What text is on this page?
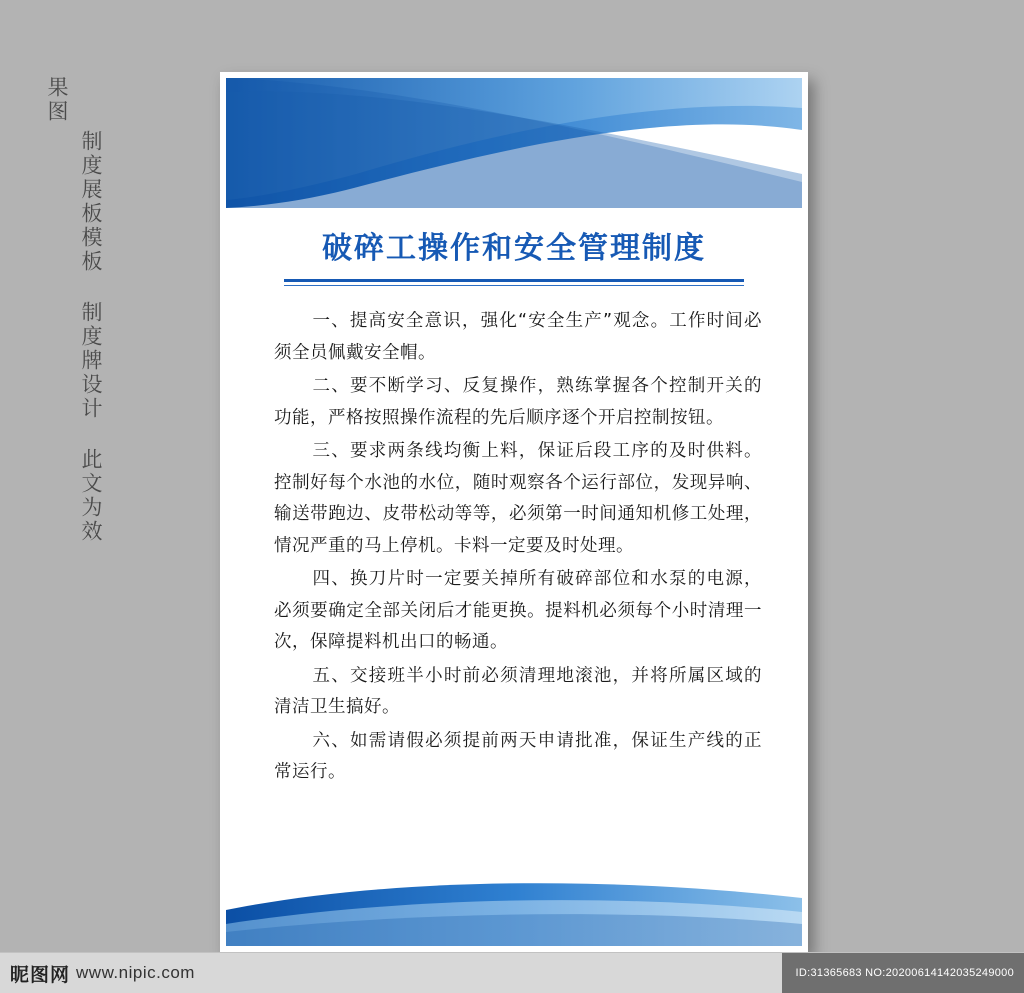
制度展板模板 制度牌设计 此文为效果图

破碎工操作和安全管理制度

一、提高安全意识，强化“安全生产”观念。工作时间必须全员佩戴安全帽。

二、要不断学习、反复操作，熟练掌握各个控制开关的功能，严格按照操作流程的先后顺序逐个开启控制按钮。

三、要求两条线均衡上料，保证后段工序的及时供料。控制好每个水池的水位，随时观察各个运行部位，发现异响、输送带跑边、皮带松动等等，必须第一时间通知机修工处理，情况严重的马上停机。卡料一定要及时处理。

四、换刀片时一定要关掉所有破碎部位和水泵的电源，必须要确定全部关闭后才能更换。提料机必须每个小时清理一次，保障提料机出口的畅通。

五、交接班半小时前必须清理地滚池，并将所属区域的清洁卫生搞好。

六、如需请假必须提前两天申请批准，保证生产线的正常运行。

昵图网 www.nipic.com	ID:31365683 NO:20200614142035249000
